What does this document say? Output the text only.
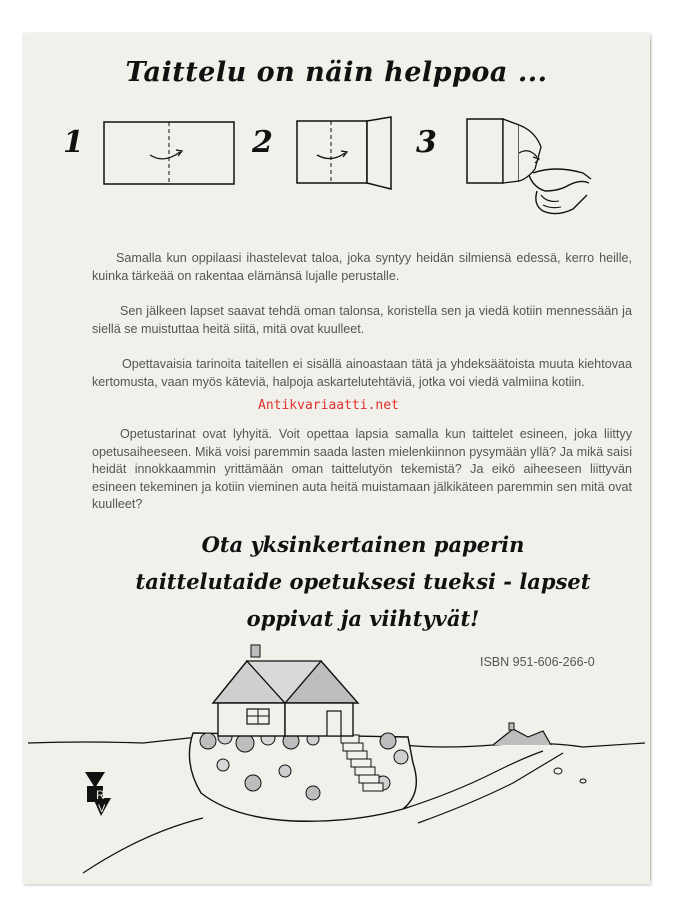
Taittelu on näin helppoa ...
1	2	3

Samalla kun oppilaasi ihastelevat taloa, joka syntyy heidän silmiensä edessä, kerro heille, kuinka tärkeää on rakentaa elämänsä lujalle perustalle.

Sen jälkeen lapset saavat tehdä oman talonsa, koristella sen ja viedä kotiin mennessään ja siellä se muistuttaa heitä siitä, mitä ovat kuulleet.

Opettavaisia tarinoita taitellen ei sisällä ainoastaan tätä ja yhdeksäätoista muuta kiehtovaa kertomusta, vaan myös käteviä, halpoja askartelutehtäviä, jotka voi viedä valmiina kotiin.

Antikvariaatti.net

Opetustarinat ovat lyhyitä. Voit opettaa lapsia samalla kun taittelet esineen, joka liittyy opetusaiheeseen. Mikä voisi paremmin saada lasten mielenkiinnon pysymään yllä? Ja mikä saisi heidät innokkaammin yrittämään oman taittelutyön tekemistä? Ja eikö aiheeseen liittyvän esineen tekeminen ja kotiin vieminen auta heitä muistamaan jälkikäteen paremmin sen mitä ovat kuulleet?

Ota yksinkertainen paperin
taittelutaide opetuksesi tueksi - lapset
oppivat ja viihtyvät!

ISBN 951-606-266-0
R
V
